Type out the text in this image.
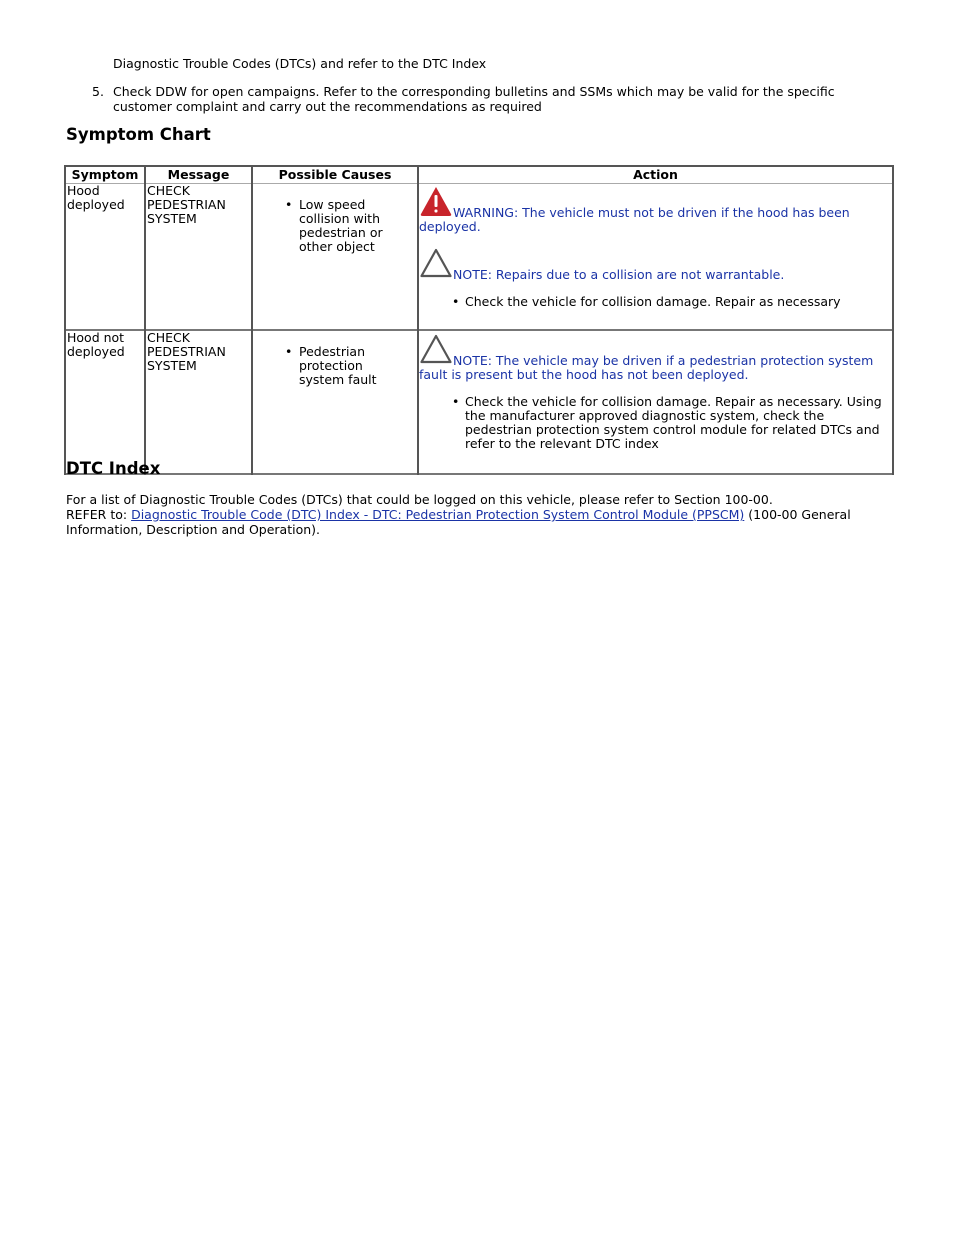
Diagnostic Trouble Codes (DTCs) and refer to the DTC Index
5. Check DDW for open campaigns. Refer to the corresponding bulletins and SSMs which may be valid for the specific customer complaint and carry out the recommendations as required
Symptom Chart
Symptom	Message	Possible Causes	Action
Hood deployed	CHECK PEDESTRIAN SYSTEM	• Low speed collision with pedestrian or other object	WARNING: The vehicle must not be driven if the hood has been deployed.
NOTE: Repairs due to a collision are not warrantable.
• Check the vehicle for collision damage. Repair as necessary

Hood not deployed	CHECK PEDESTRIAN SYSTEM	• Pedestrian protection system fault	NOTE: The vehicle may be driven if a pedestrian protection system fault is present but the hood has not been deployed.
• Check the vehicle for collision damage. Repair as necessary. Using the manufacturer approved diagnostic system, check the pedestrian protection system control module for related DTCs and refer to the relevant DTC index
DTC Index
For a list of Diagnostic Trouble Codes (DTCs) that could be logged on this vehicle, please refer to Section 100-00.
REFER to: Diagnostic Trouble Code (DTC) Index - DTC: Pedestrian Protection System Control Module (PPSCM) (100-00 General Information, Description and Operation).
